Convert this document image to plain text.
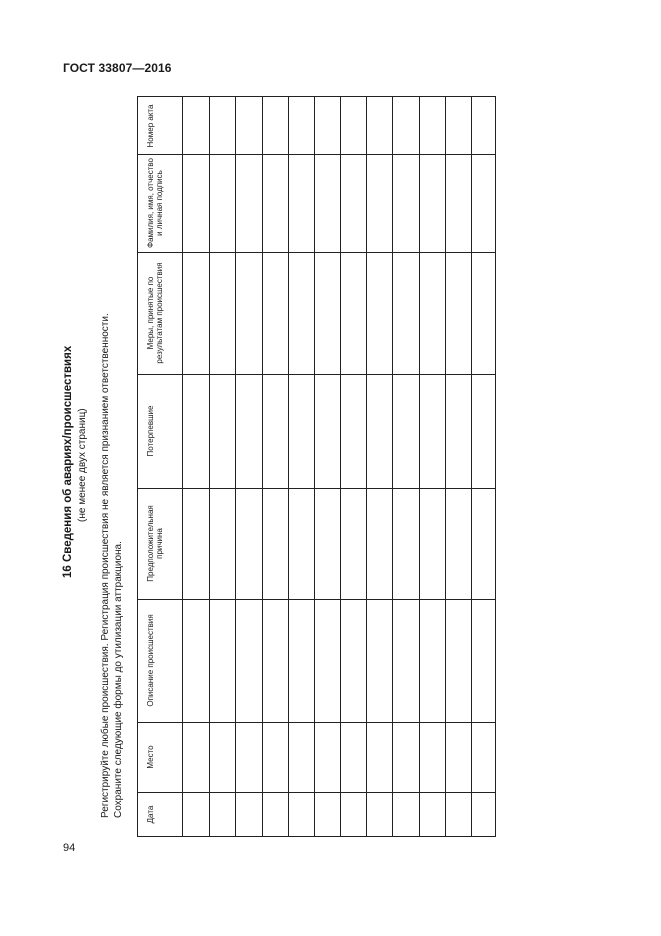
ГОСТ 33807—2016
16 Сведения об авариях/происшествиях (не менее двух страниц) Регистрируйте любые происшествия. Регистрация происшествия не является признанием ответственности. Сохраните следующие формы до утилизации аттракциона.	Дата
Место
Описание происшествия
Предположительная причина
Потерпевшие
Меры, принятые по результатам происшествия
Фамилия, имя, отчество и личная подпись
Номер акта
94
